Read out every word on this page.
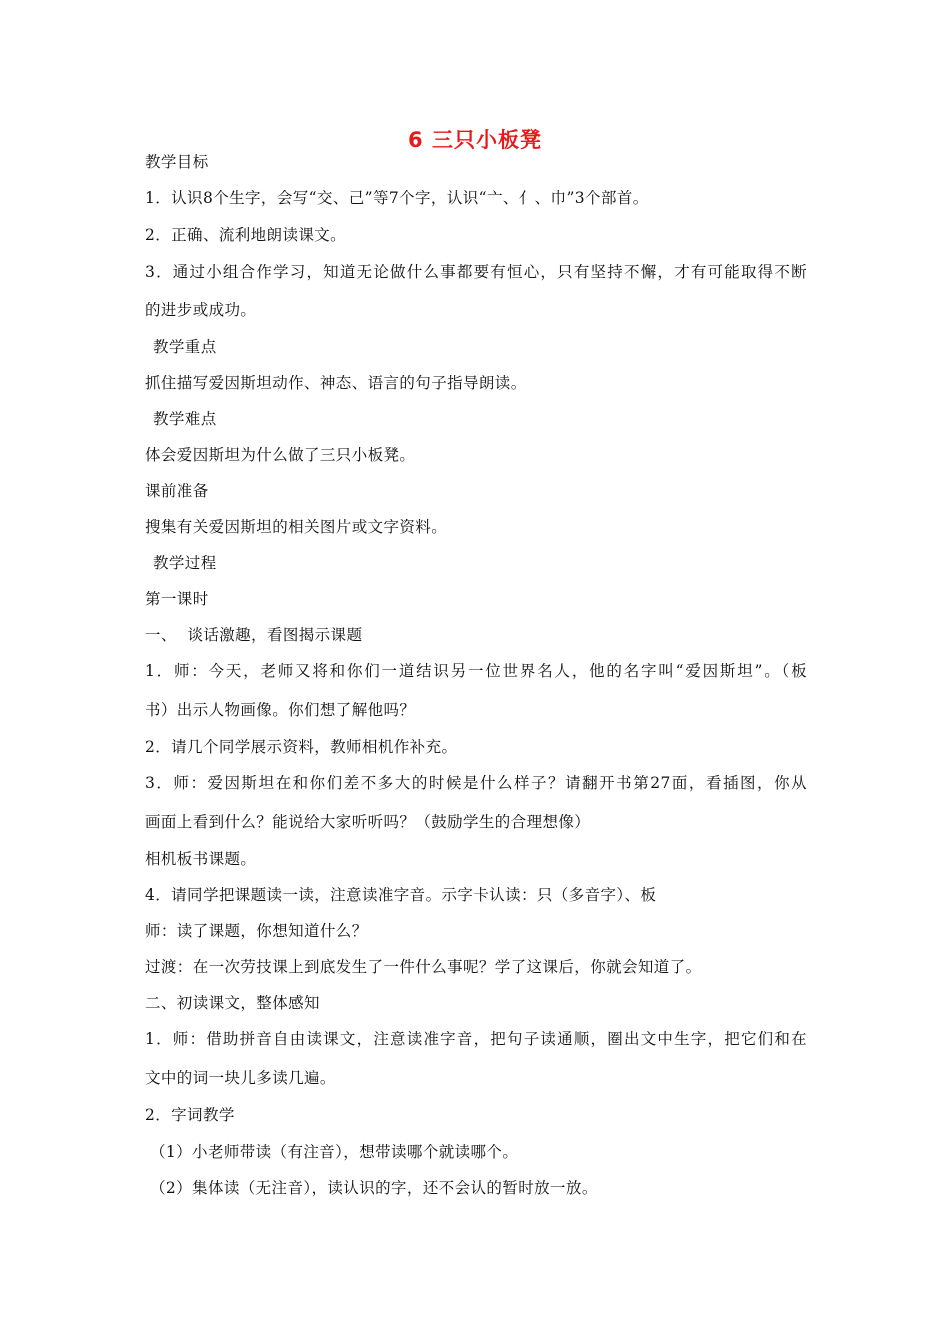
6 三只小板凳
教学目标
1．认识8个生字，会写“交、己”等7个字，认识“亠、亻、巾”3个部首。
2．正确、流利地朗读课文。
3．通过小组合作学习，知道无论做什么事都要有恒心，只有坚持不懈，才有可能取得不断
的进步或成功。
教学重点
抓住描写爱因斯坦动作、神态、语言的句子指导朗读。
教学难点
体会爱因斯坦为什么做了三只小板凳。
课前准备
搜集有关爱因斯坦的相关图片或文字资料。
教学过程
第一课时
一、  谈话激趣，看图揭示课题
1．师：今天，老师又将和你们一道结识另一位世界名人，他的名字叫“爱因斯坦”。（板
书）出示人物画像。你们想了解他吗？
2．请几个同学展示资料，教师相机作补充。
3．师：爱因斯坦在和你们差不多大的时候是什么样子？请翻开书第27面，看插图，你从
画面上看到什么？能说给大家听听吗？（鼓励学生的合理想像）
相机板书课题。
4．请同学把课题读一读，注意读准字音。示字卡认读：只（多音字）、板
师：读了课题，你想知道什么？
过渡：在一次劳技课上到底发生了一件什么事呢？学了这课后，你就会知道了。
二、初读课文，整体感知
1．师：借助拼音自由读课文，注意读准字音，把句子读通顺，圈出文中生字，把它们和在
文中的词一块儿多读几遍。
2．字词教学
（1）小老师带读（有注音），想带读哪个就读哪个。
（2）集体读（无注音），读认识的字，还不会认的暂时放一放。
